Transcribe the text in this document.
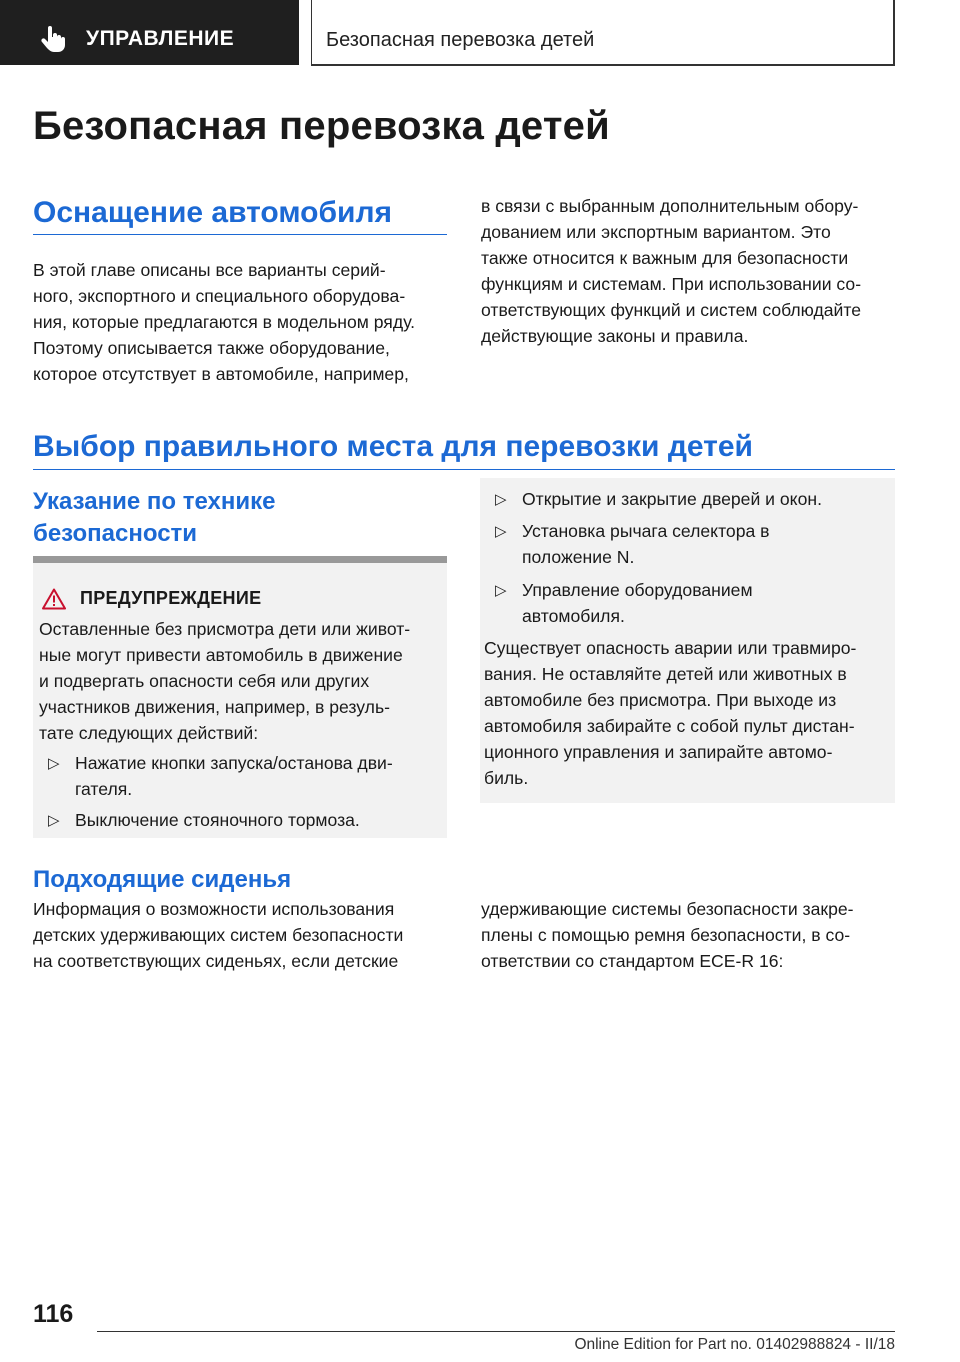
УПРАВЛЕНИЕ	Безопасная перевозка детей
Безопасная перевозка детей
Оснащение автомобиля

В этой главе описаны все варианты серий-
ного, экспортного и специального оборудова-
ния, которые предлагаются в модельном ряду.
Поэтому описывается также оборудование,
которое отсутствует в автомобиле, например,

в связи с выбранным дополнительным обору-
дованием или экспортным вариантом. Это
также относится к важным для безопасности
функциям и системам. При использовании со-
ответствующих функций и систем соблюдайте
действующие законы и правила.

Выбор правильного места для перевозки детей
Указание по технике
безопасности
ПРЕДУПРЕЖДЕНИЕ

Оставленные без присмотра дети или живот-
ные могут привести автомобиль в движение
и подвергать опасности себя или других
участников движения, например, в резуль-
тате следующих действий:

▷ Нажатие кнопки запуска/останова дви-
гателя.

▷ Выключение стояночного тормоза.

▷ Открытие и закрытие дверей и окон.

▷ Установка рычага селектора в
положение N.

▷ Управление оборудованием
автомобиля.

Существует опасность аварии или травмиро-
вания. Не оставляйте детей или животных в
автомобиле без присмотра. При выходе из
автомобиля забирайте с собой пульт дистан-
ционного управления и запирайте автомо-
биль.

Подходящие сиденья

Информация о возможности использования
детских удерживающих систем безопасности
на соответствующих сиденьях, если детские

удерживающие системы безопасности закре-
плены с помощью ремня безопасности, в со-
ответствии со стандартом ECE-R 16:

116
Online Edition for Part no. 01402988824 - II/18
